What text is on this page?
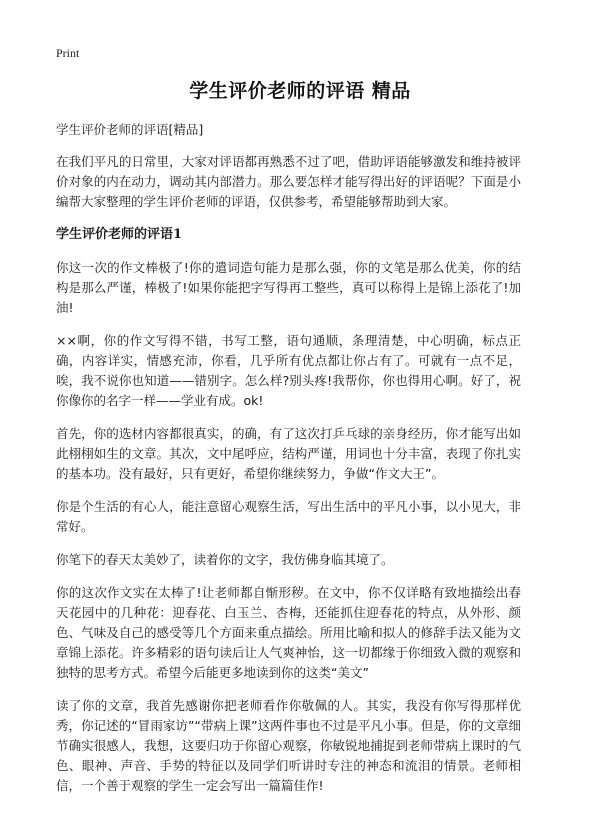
Print
学生评价老师的评语 精品

学生评价老师的评语[精品]

在我们平凡的日常里，大家对评语都再熟悉不过了吧，借助评语能够激发和维持被评价对象的内在动力，调动其内部潜力。那么要怎样才能写得出好的评语呢？下面是小编帮大家整理的学生评价老师的评语，仅供参考，希望能够帮助到大家。

学生评价老师的评语1

你这一次的作文棒极了!你的遣词造句能力是那么强，你的文笔是那么优美，你的结构是那么严谨，棒极了!如果你能把字写得再工整些，真可以称得上是锦上添花了!加油!

××啊，你的作文写得不错，书写工整，语句通顺，条理清楚，中心明确，标点正确，内容详实，情感充沛，你看，几乎所有优点都让你占有了。可就有一点不足，唉，我不说你也知道——错别字。怎么样?别头疼!我帮你，你也得用心啊。好了，祝你像你的名字一样——学业有成。ok!

首先，你的选材内容都很真实，的确，有了这次打乒乓球的亲身经历，你才能写出如此栩栩如生的文章。其次，文中尾呼应，结构严谨，用词也十分丰富，表现了你扎实的基本功。没有最好，只有更好，希望你继续努力，争做“作文大王”。

你是个生活的有心人，能注意留心观察生活，写出生活中的平凡小事，以小见大，非常好。

你笔下的春天太美妙了，读着你的文字，我仿佛身临其境了。

你的这次作文实在太棒了!让老师都自惭形秽。在文中，你不仅详略有致地描绘出春天花园中的几种花：迎春花、白玉兰、杏梅，还能抓住迎春花的特点，从外形、颜色、气味及自己的感受等几个方面来重点描绘。所用比喻和拟人的修辞手法又能为文章锦上添花。许多精彩的语句读后让人气爽神怡，这一切都缘于你细致入微的观察和独特的思考方式。希望今后能更多地读到你的这类“美文”

读了你的文章，我首先感谢你把老师看作你敬佩的人。其实，我没有你写得那样优秀，你记述的“冒雨家访”“带病上课”这两件事也不过是平凡小事。但是，你的文章细节确实很感人，我想，这要归功于你留心观察，你敏锐地捕捉到老师带病上课时的气色、眼神、声音、手势的特征以及同学们听讲时专注的神态和流泪的情景。老师相信，一个善于观察的学生一定会写出一篇篇佳作!
